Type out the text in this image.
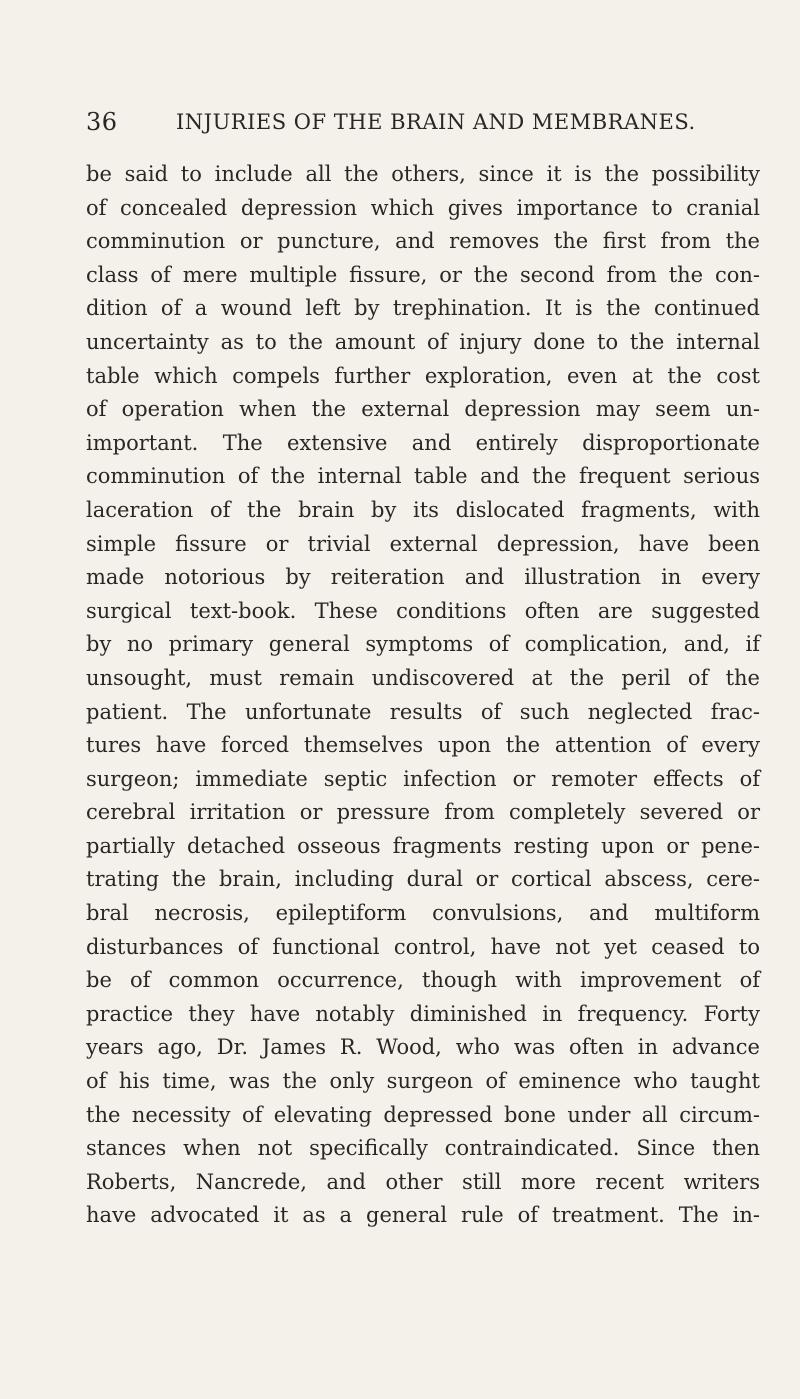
36	INJURIES OF THE BRAIN AND MEMBRANES.
be said to include all the others, since it is the possibility
of concealed depression which gives importance to cranial
comminution or puncture, and removes the first from the
class of mere multiple fissure, or the second from the con-
dition of a wound left by trephination. It is the continued
uncertainty as to the amount of injury done to the internal
table which compels further exploration, even at the cost
of operation when the external depression may seem un-
important. The extensive and entirely disproportionate
comminution of the internal table and the frequent serious
laceration of the brain by its dislocated fragments, with
simple fissure or trivial external depression, have been
made notorious by reiteration and illustration in every
surgical text-book. These conditions often are suggested
by no primary general symptoms of complication, and, if
unsought, must remain undiscovered at the peril of the
patient. The unfortunate results of such neglected frac-
tures have forced themselves upon the attention of every
surgeon; immediate septic infection or remoter effects of
cerebral irritation or pressure from completely severed or
partially detached osseous fragments resting upon or pene-
trating the brain, including dural or cortical abscess, cere-
bral necrosis, epileptiform convulsions, and multiform
disturbances of functional control, have not yet ceased to
be of common occurrence, though with improvement of
practice they have notably diminished in frequency. Forty
years ago, Dr. James R. Wood, who was often in advance
of his time, was the only surgeon of eminence who taught
the necessity of elevating depressed bone under all circum-
stances when not specifically contraindicated. Since then
Roberts, Nancrede, and other still more recent writers
have advocated it as a general rule of treatment. The in-
